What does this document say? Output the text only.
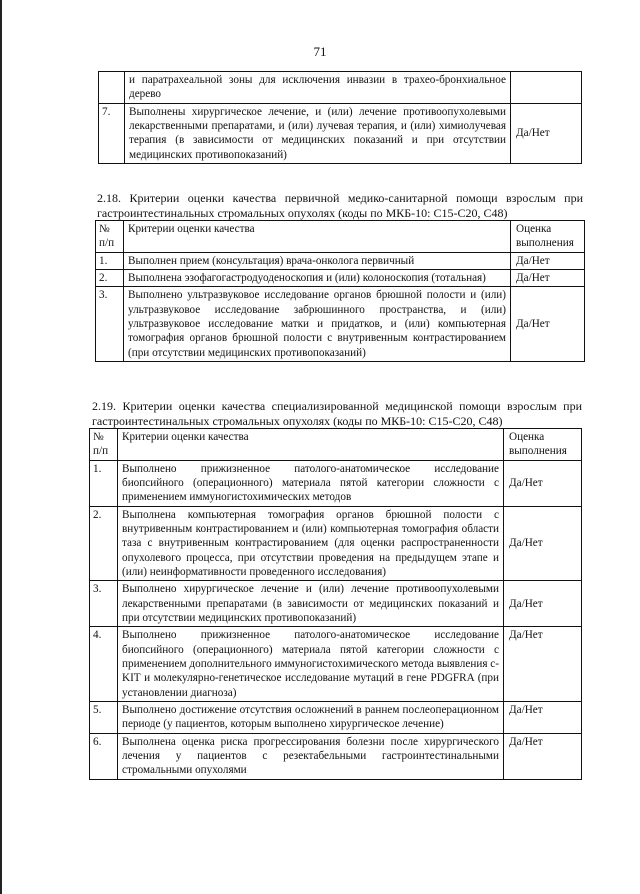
71
	и паратрахеальной зоны для исключения инвазии в трахео-бронхиальное дерево	
7.	Выполнены хирургическое лечение, и (или) лечение противоопухолевыми лекарственными препаратами, и (или) лучевая терапия, и (или) химиолучевая терапия (в зависимости от медицинских показаний и при отсутствии медицинских противопоказаний)	Да/Нет
2.18. Критерии оценки качества первичной медико-санитарной помощи взрослым при гастроинтестинальных стромальных опухолях (коды по МКБ-10: C15-C20, C48)
№ п/п	Критерии оценки качества	Оценка выполнения
1.	Выполнен прием (консультация) врача-онколога первичный	Да/Нет
2.	Выполнена эзофагогастродуоденоскопия и (или) колоноскопия (тотальная)	Да/Нет
3.	Выполнено ультразвуковое исследование органов брюшной полости и (или) ультразвуковое исследование забрюшинного пространства, и (или) ультразвуковое исследование матки и придатков, и (или) компьютерная томография органов брюшной полости с внутривенным контрастированием (при отсутствии медицинских противопоказаний)	Да/Нет
2.19. Критерии оценки качества специализированной медицинской помощи взрослым при гастроинтестинальных стромальных опухолях (коды по МКБ-10: C15-C20, C48)
№ п/п	Критерии оценки качества	Оценка выполнения
1.	Выполнено прижизненное патолого-анатомическое исследование биопсийного (операционного) материала пятой категории сложности с применением иммуногистохимических методов	Да/Нет
2.	Выполнена компьютерная томография органов брюшной полости с внутривенным контрастированием и (или) компьютерная томография области таза с внутривенным контрастированием (для оценки распространенности опухолевого процесса, при отсутствии проведения на предыдущем этапе и (или) неинформативности проведенного исследования)	Да/Нет
3.	Выполнено хирургическое лечение и (или) лечение противоопухолевыми лекарственными препаратами (в зависимости от медицинских показаний и при отсутствии медицинских противопоказаний)	Да/Нет
4.	Выполнено прижизненное патолого-анатомическое исследование биопсийного (операционного) материала пятой категории сложности с применением дополнительного иммуногистохимического метода выявления c-KIT и молекулярно-генетическое исследование мутаций в гене PDGFRA (при установлении диагноза)	Да/Нет
5.	Выполнено достижение отсутствия осложнений в раннем послеоперационном периоде (у пациентов, которым выполнено хирургическое лечение)	Да/Нет
6.	Выполнена оценка риска прогрессирования болезни после хирургического лечения у пациентов с резектабельными гастроинтестинальными стромальными опухолями	Да/Нет
